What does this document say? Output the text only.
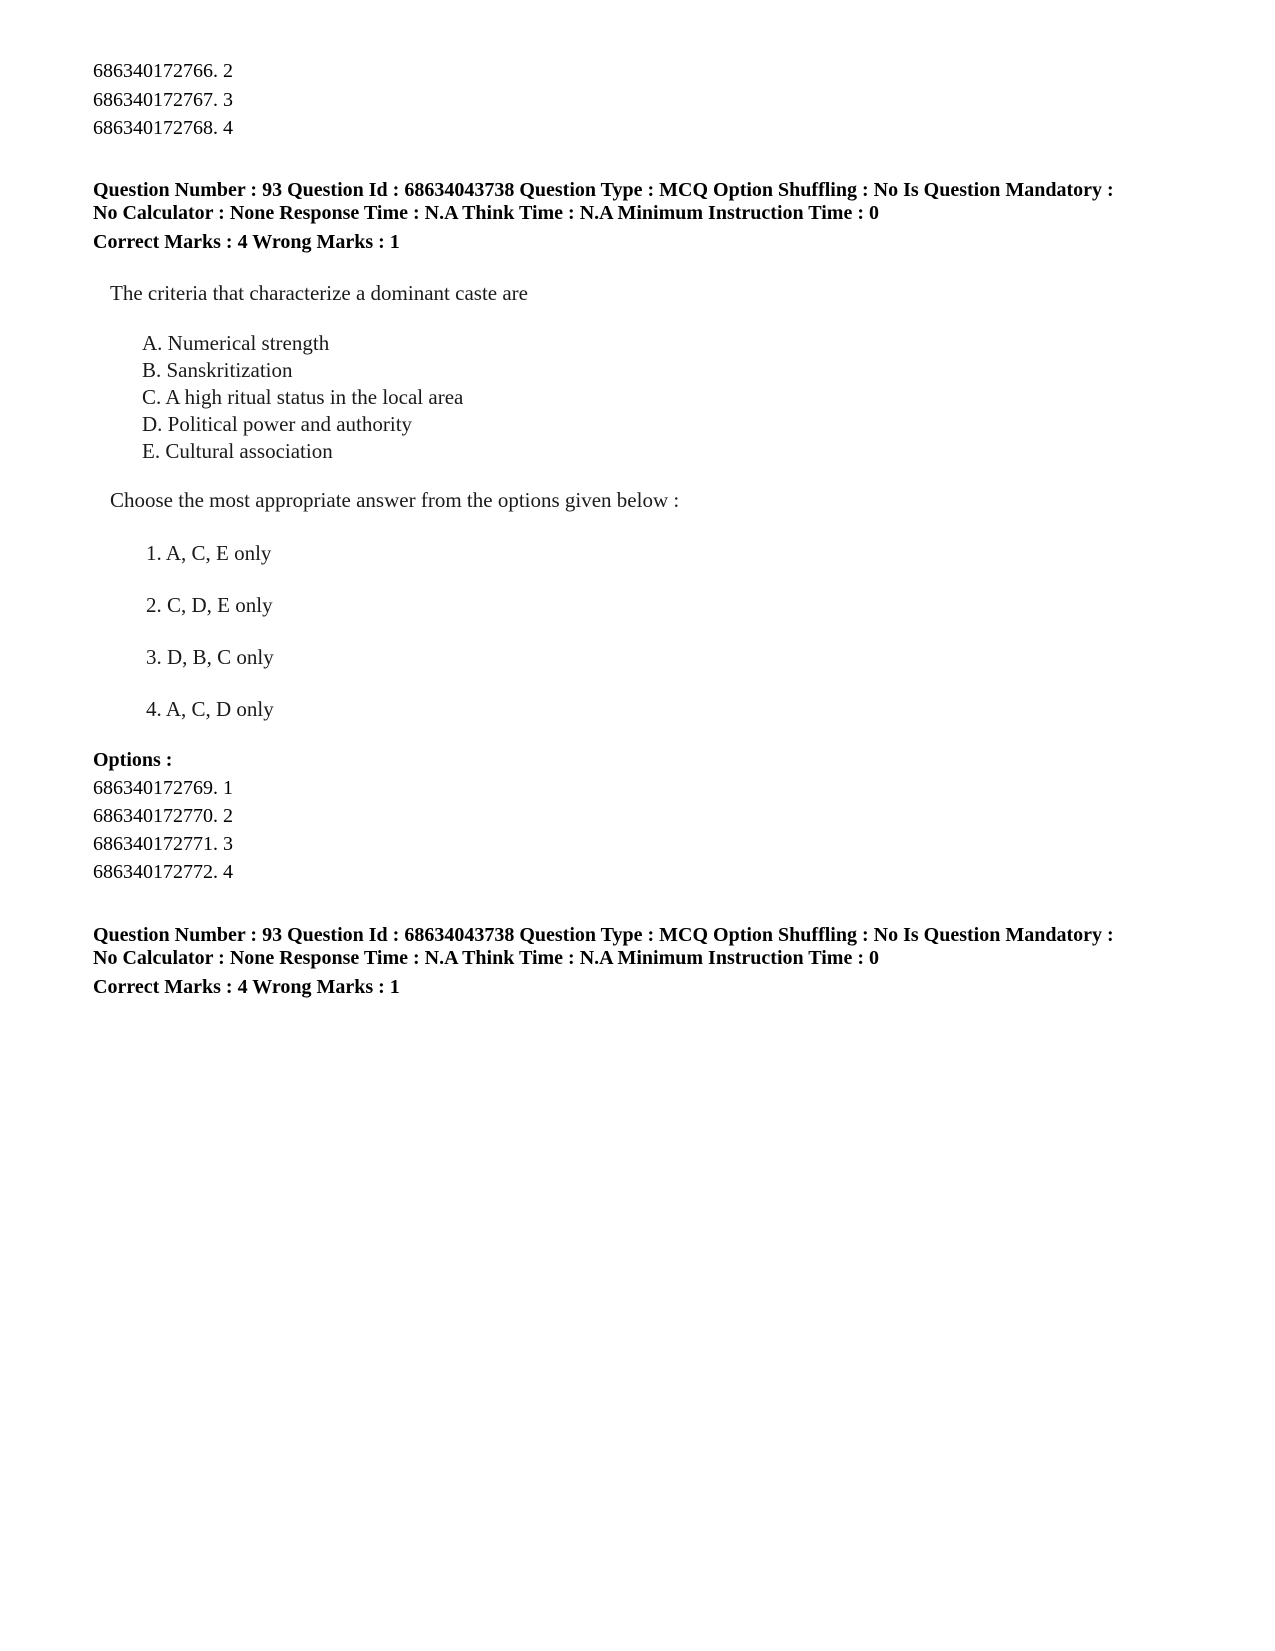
686340172766. 2
686340172767. 3
686340172768. 4
Question Number : 93 Question Id : 68634043738 Question Type : MCQ Option Shuffling : No Is Question Mandatory :
No Calculator : None Response Time : N.A Think Time : N.A Minimum Instruction Time : 0
Correct Marks : 4 Wrong Marks : 1
The criteria that characterize a dominant caste are
A. Numerical strength
B. Sanskritization
C. A high ritual status in the local area
D. Political power and authority
E. Cultural association
Choose the most appropriate answer from the options given below :
1. A, C, E only
2. C, D, E only
3. D, B, C only
4. A, C, D only
Options :
686340172769. 1
686340172770. 2
686340172771. 3
686340172772. 4
Question Number : 93 Question Id : 68634043738 Question Type : MCQ Option Shuffling : No Is Question Mandatory :
No Calculator : None Response Time : N.A Think Time : N.A Minimum Instruction Time : 0
Correct Marks : 4 Wrong Marks : 1
